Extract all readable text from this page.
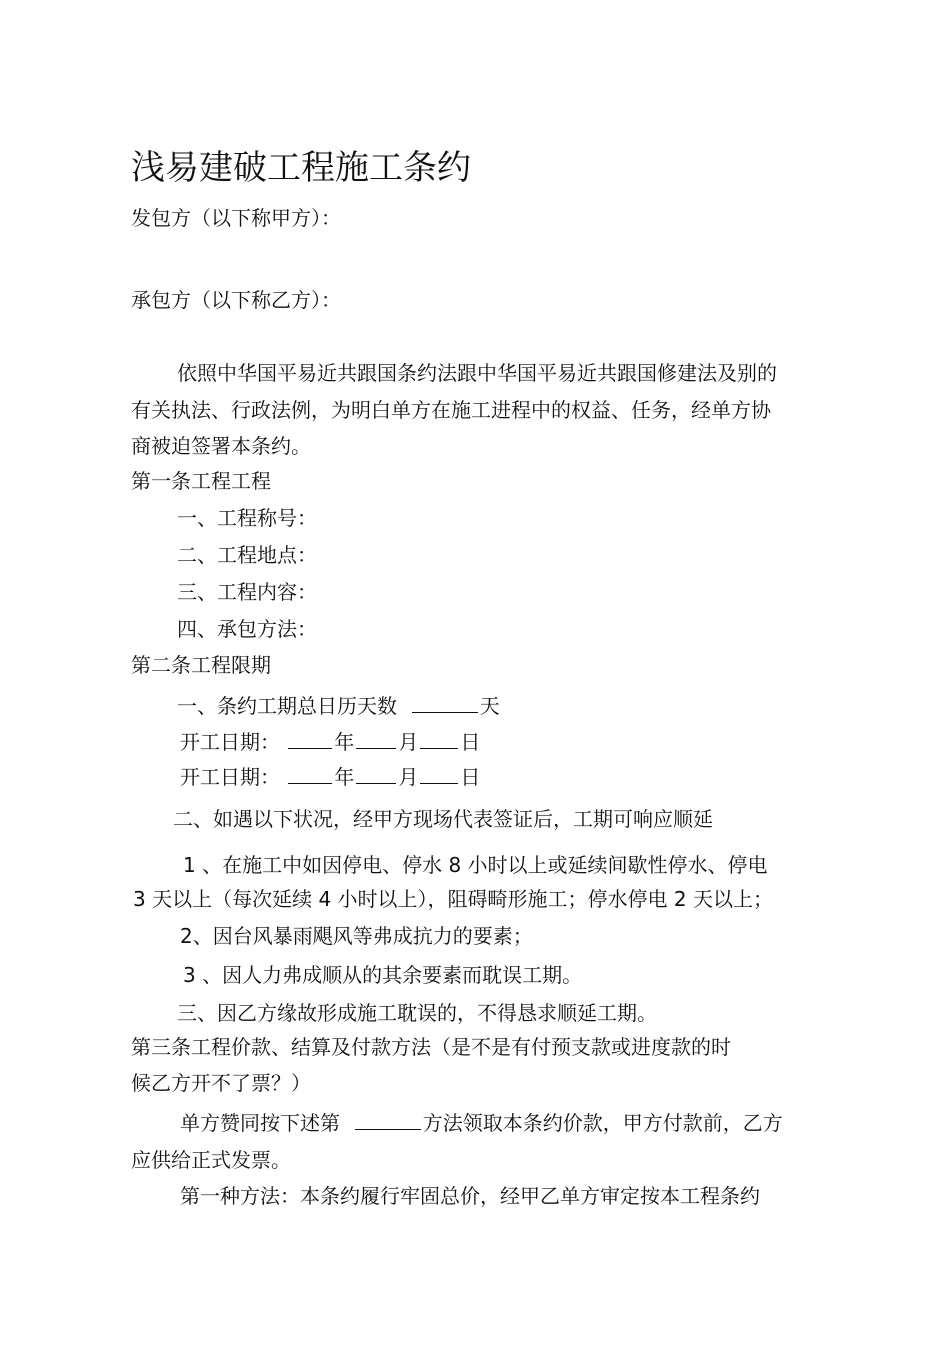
浅易建破工程施工条约
发包方（以下称甲方）：
承包方（以下称乙方）：
依照中华国平易近共跟国条约法跟中华国平易近共跟国修建法及别的
有关执法、行政法例，为明白单方在施工进程中的权益、任务，经单方协
商被迫签署本条约。
第一条工程工程
一、工程称号：
二、工程地点：
三、工程内容：
四、承包方法：
第二条工程限期
一、条约工期总日历天数	天
开工日期：	年 月 日
开工日期：	年 月 日
二、如遇以下状况，经甲方现场代表签证后，工期可响应顺延
1 、在施工中如因停电、停水 8 小时以上或延续间歇性停水、停电
3 天以上（每次延续 4 小时以上），阻碍畸形施工；停水停电 2 天以上；
2、因台风暴雨飓风等弗成抗力的要素；
3 、因人力弗成顺从的其余要素而耽误工期。
三、因乙方缘故形成施工耽误的，不得恳求顺延工期。
第三条工程价款、结算及付款方法（是不是有付预支款或进度款的时
候乙方开不了票？）
单方赞同按下述第	方法领取本条约价款，甲方付款前，乙方
应供给正式发票。
第一种方法：本条约履行牢固总价，经甲乙单方审定按本工程条约
